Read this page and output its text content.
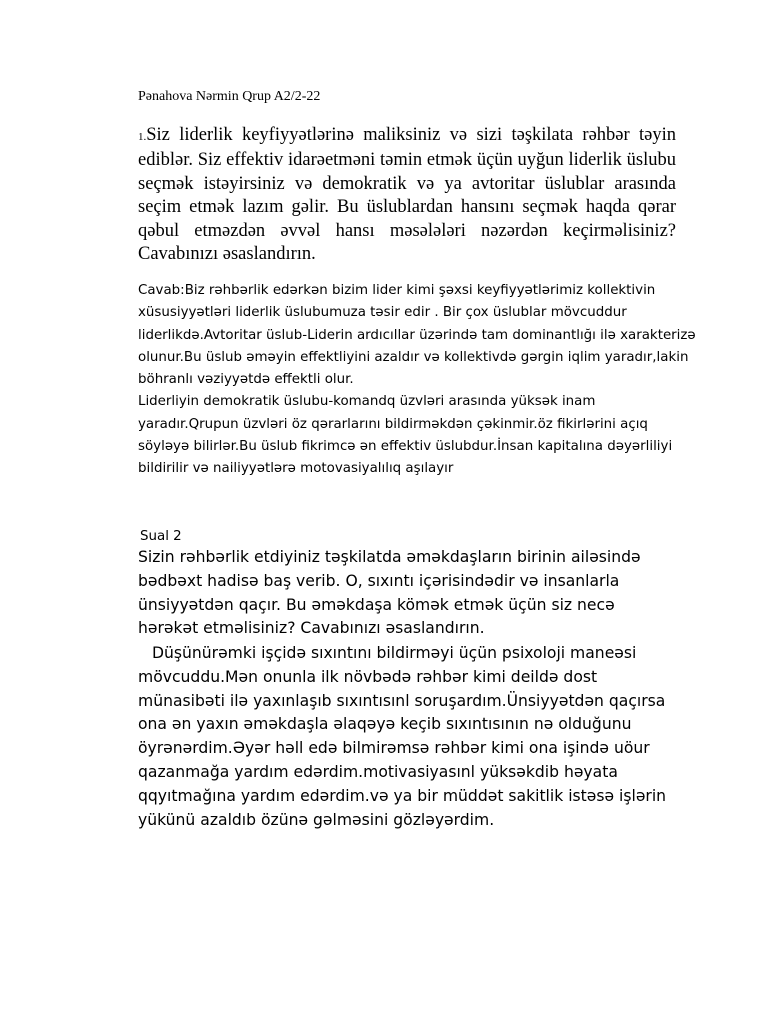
Pənahova Nərmin Qrup A2/2-22
1.Siz liderlik keyfiyyətlərinə maliksiniz və sizi təşkilata rəhbər təyin ediblər. Siz effektiv idarəetməni təmin etmək üçün uyğun liderlik üslubu seçmək istəyirsiniz və demokratik və ya avtoritar üslublar arasında seçim etmək lazım gəlir. Bu üslublardan hansını seçmək haqda qərar qəbul etməzdən əvvəl hansı məsələləri nəzərdən keçirməlisiniz? Cavabınızı əsaslandırın.

Cavab:Biz rəhbərlik edərkən bizim lider kimi şəxsi keyfiyyətlərimiz kollektivin xüsusiyyətləri liderlik üslubumuza təsir edir . Bir çox üslublar mövcuddur liderlikdə.Avtoritar üslub-Liderin ardıcıllar üzərində tam dominantlığı ilə xarakterizə olunur.Bu üslub əməyin effektliyini azaldır və kollektivdə gərgin iqlim yaradır,lakin böhranlı vəziyyətdə effektli olur.

Liderliyin demokratik üslubu-komandq üzvləri arasında yüksək inam yaradır.Qrupun üzvləri öz qərarlarını bildirməkdən çəkinmir.öz fikirlərini açıq söyləyə bilirlər.Bu üslub fikrimcə ən effektiv üslubdur.İnsan kapitalına dəyərliliyi bildirilir və nailiyyətlərə motovasiyalılıq aşılayır

Sual 2
Sizin rəhbərlik etdiyiniz təşkilatda əməkdaşların birinin ailəsində bədbəxt hadisə baş verib. O, sıxıntı içərisindədir və insanlarla ünsiyyətdən qaçır. Bu əməkdaşa kömək etmək üçün siz necə hərəkət etməlisiniz? Cavabınızı əsaslandırın.
Düşünürəmki işçidə sıxıntını bildirməyi üçün psixoloji maneəsi mövcuddu.Mən onunla ilk növbədə rəhbər kimi deildə dost münasibəti ilə yaxınlaşıb sıxıntısınl soruşardım.Ünsiyyətdən qaçırsa ona ən yaxın əməkdaşla əlaqəyə keçib sıxıntısının nə olduğunu öyrənərdim.Əyər həll edə bilmirəmsə rəhbər kimi ona işində uöur qazanmağa yardım edərdim.motivasiyasınl yüksəkdib həyata qqyıtmağına yardım edərdim.və ya bir müddət sakitlik istəsə işlərin yükünü azaldıb özünə gəlməsini gözləyərdim.
